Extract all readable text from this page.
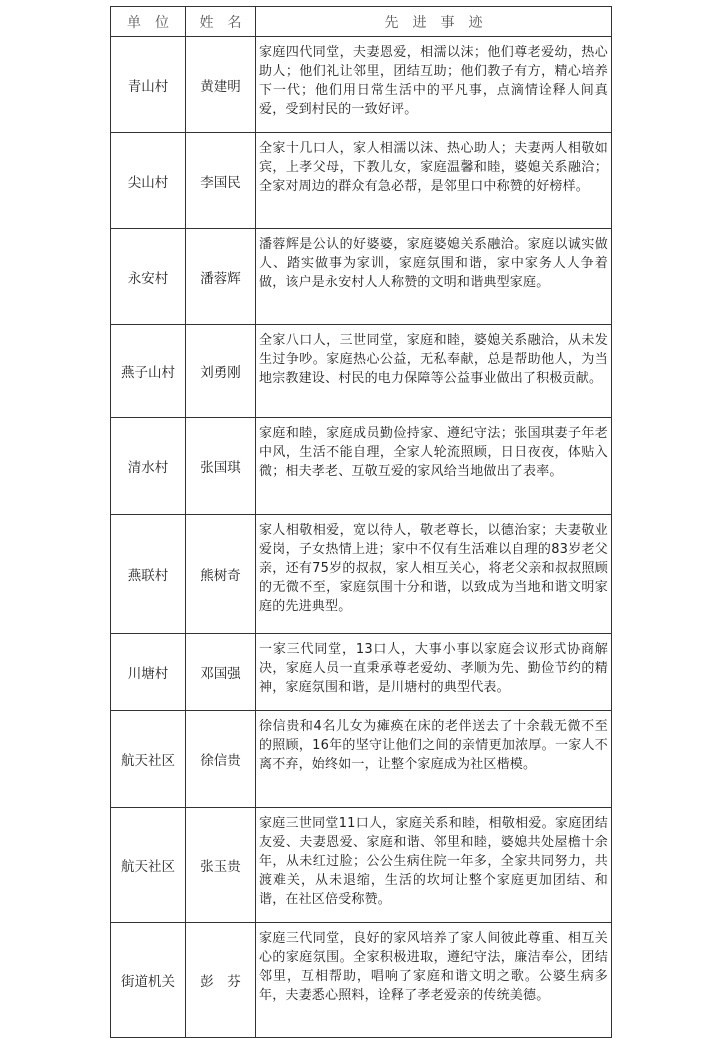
单　位	姓　名	先　进　事　迹
青山村	黄建明	家庭四代同堂，夫妻恩爱，相濡以沫；他们尊老爱幼，热心助人；他们礼让邻里，团结互助；他们教子有方，精心培养下一代；他们用日常生活中的平凡事，点滴情诠释人间真爱，受到村民的一致好评。
尖山村	李国民	全家十几口人，家人相濡以沫、热心助人；夫妻两人相敬如宾，上孝父母，下教儿女，家庭温馨和睦，婆媳关系融洽；全家对周边的群众有急必帮，是邻里口中称赞的好榜样。
永安村	潘蓉辉	潘蓉辉是公认的好婆婆，家庭婆媳关系融洽。家庭以诚实做人、踏实做事为家训，家庭氛围和谐，家中家务人人争着做，该户是永安村人人称赞的文明和谐典型家庭。
燕子山村	刘勇刚	全家八口人，三世同堂，家庭和睦，婆媳关系融洽，从未发生过争吵。家庭热心公益，无私奉献，总是帮助他人，为当地宗教建设、村民的电力保障等公益事业做出了积极贡献。
清水村	张国琪	家庭和睦，家庭成员勤俭持家、遵纪守法；张国琪妻子年老中风，生活不能自理，全家人轮流照顾，日日夜夜，体贴入微；相夫孝老、互敬互爱的家风给当地做出了表率。
燕联村	熊树奇	家人相敬相爱，宽以待人，敬老尊长，以德治家；夫妻敬业爱岗，子女热情上进；家中不仅有生活难以自理的83岁老父亲，还有75岁的叔叔，家人相互关心，将老父亲和叔叔照顾的无微不至，家庭氛围十分和谐，以致成为当地和谐文明家庭的先进典型。
川塘村	邓国强	一家三代同堂，13口人，大事小事以家庭会议形式协商解决，家庭人员一直秉承尊老爱幼、孝顺为先、勤俭节约的精神，家庭氛围和谐，是川塘村的典型代表。
航天社区	徐信贵	徐信贵和4名儿女为瘫痪在床的老伴送去了十余载无微不至的照顾，16年的坚守让他们之间的亲情更加浓厚。一家人不离不弃，始终如一，让整个家庭成为社区楷模。
航天社区	张玉贵	家庭三世同堂11口人，家庭关系和睦，相敬相爱。家庭团结友爱、夫妻恩爱、家庭和谐、邻里和睦，婆媳共处屋檐十余年，从未红过脸；公公生病住院一年多，全家共同努力，共渡难关，从未退缩，生活的坎坷让整个家庭更加团结、和谐，在社区倍受称赞。
街道机关	彭　芬	家庭三代同堂，良好的家风培养了家人间彼此尊重、相互关心的家庭氛围。全家积极进取，遵纪守法，廉洁奉公，团结邻里，互相帮助，唱响了家庭和谐文明之歌。公婆生病多年，夫妻悉心照料，诠释了孝老爱亲的传统美德。
